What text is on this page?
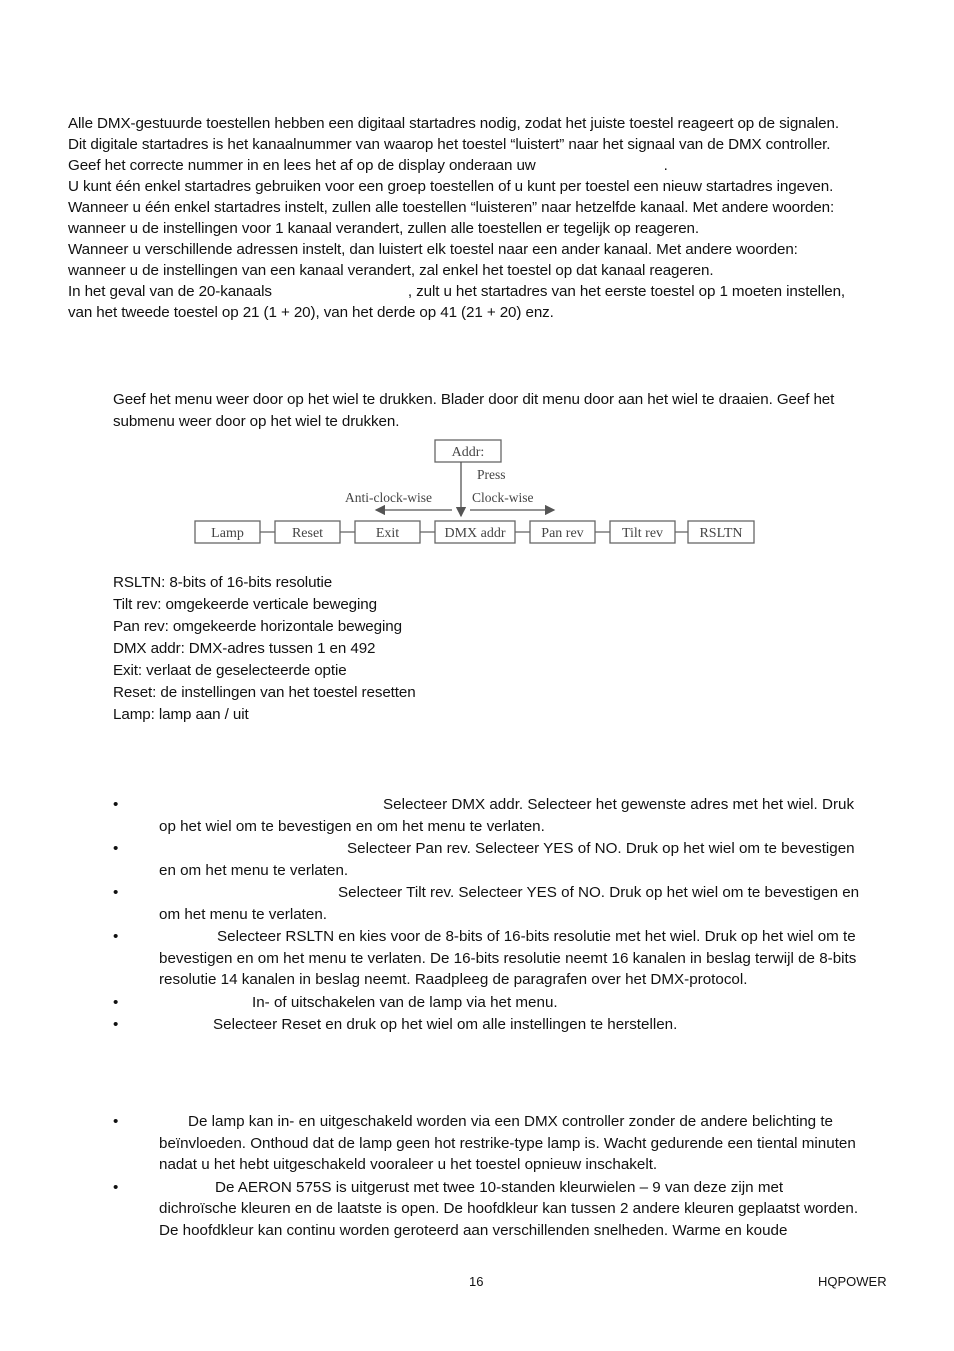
Alle DMX-gestuurde toestellen hebben een digitaal startadres nodig, zodat het juiste toestel reageert op de signalen.

Dit digitale startadres is het kanaalnummer van waarop het toestel “luistert” naar het signaal van de DMX controller.

Geef het correcte nummer in en lees het af op de display onderaan uw	.

U kunt één enkel startadres gebruiken voor een groep toestellen of u kunt per toestel een nieuw startadres ingeven.

Wanneer u één enkel startadres instelt, zullen alle toestellen “luisteren” naar hetzelfde kanaal. Met andere woorden:

wanneer u de instellingen voor 1 kanaal verandert, zullen alle toestellen er tegelijk op reageren.

Wanneer u verschillende adressen instelt, dan luistert elk toestel naar een ander kanaal. Met andere woorden:

wanneer u de instellingen van een kanaal verandert, zal enkel het toestel op dat kanaal reageren.

In het geval van de 20-kanaals	, zult u het startadres van het eerste toestel op 1 moeten instellen,

van het tweede toestel op 21 (1 + 20), van het derde op 41 (21 + 20) enz.

Geef het menu weer door op het wiel te drukken. Blader door dit menu door aan het wiel te draaien. Geef het

submenu weer door op het wiel te drukken.

Addr:
Press
Anti-clock-wise	Clock-wise
Lamp	Reset	Exit	DMX addr	Pan rev	Tilt rev	RSLTN

RSLTN: 8-bits of 16-bits resolutie

Tilt rev: omgekeerde verticale beweging

Pan rev: omgekeerde horizontale beweging

DMX addr: DMX-adres tussen 1 en 492

Exit: verlaat de geselecteerde optie

Reset: de instellingen van het toestel resetten

Lamp: lamp aan / uit

•	Selecteer DMX addr. Selecteer het gewenste adres met het wiel. Druk
op het wiel om te bevestigen en om het menu te verlaten.
•	Selecteer Pan rev. Selecteer YES of NO. Druk op het wiel om te bevestigen
en om het menu te verlaten.
•	Selecteer Tilt rev. Selecteer YES of NO. Druk op het wiel om te bevestigen en
om het menu te verlaten.
•	Selecteer RSLTN en kies voor de 8-bits of 16-bits resolutie met het wiel. Druk op het wiel om te
bevestigen en om het menu te verlaten. De 16-bits resolutie neemt 16 kanalen in beslag terwijl de 8-bits
resolutie 14 kanalen in beslag neemt. Raadpleeg de paragrafen over het DMX-protocol.
•	In- of uitschakelen van de lamp via het menu.
•	Selecteer Reset en druk op het wiel om alle instellingen te herstellen.
•	De lamp kan in- en uitgeschakeld worden via een DMX controller zonder de andere belichting te
beïnvloeden. Onthoud dat de lamp geen hot restrike-type lamp is. Wacht gedurende een tiental minuten
nadat u het hebt uitgeschakeld vooraleer u het toestel opnieuw inschakelt.
•	De AERON 575S is uitgerust met twee 10-standen kleurwielen – 9 van deze zijn met
dichroïsche kleuren en de laatste is open. De hoofdkleur kan tussen 2 andere kleuren geplaatst worden.
De hoofdkleur kan continu worden geroteerd aan verschillenden snelheden. Warme en koude
16	HQPOWER
